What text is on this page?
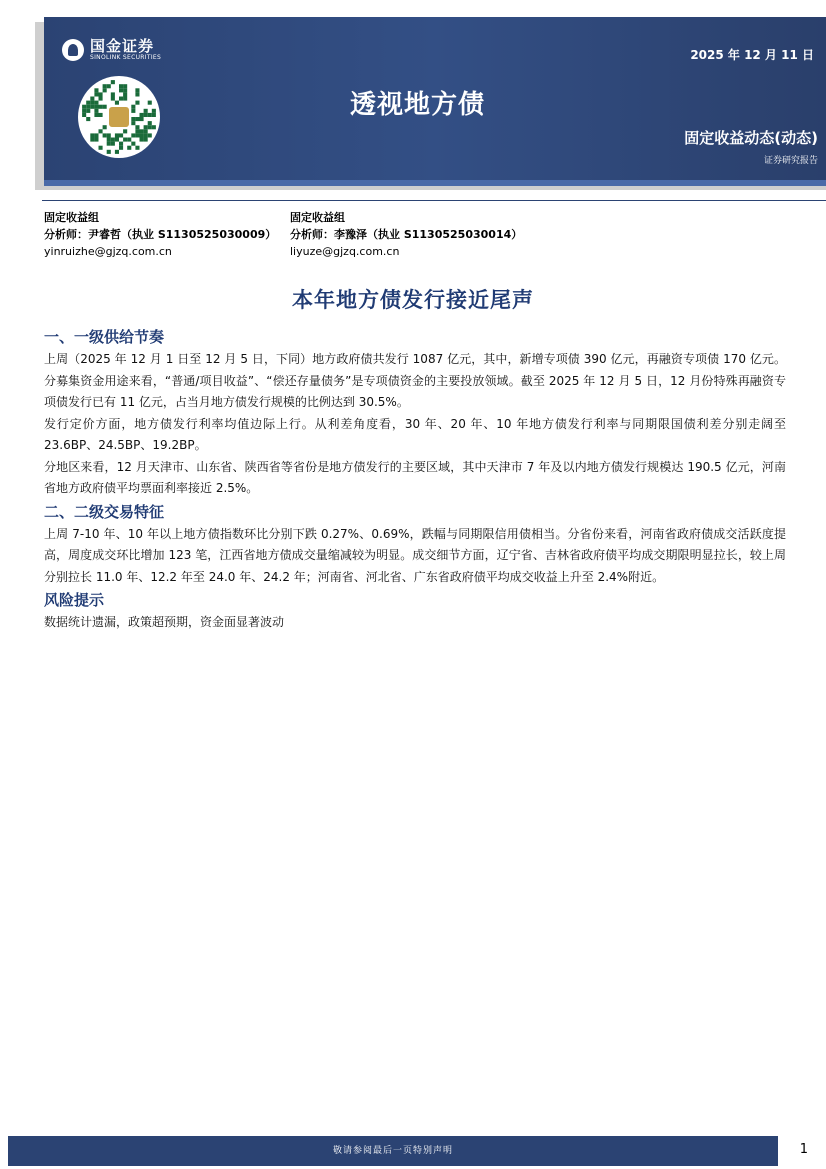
国金证券
SINOLINK SECURITIES	2025 年 12 月 11 日
透视地方债
固定收益动态(动态)
证券研究报告
固定收益组
分析师：尹睿哲（执业 S1130525030009）
yinruizhe@gjzq.com.cn
固定收益组
分析师：李豫泽（执业 S1130525030014）
liyuze@gjzq.com.cn
本年地方债发行接近尾声
一、一级供给节奏
上周（2025 年 12 月 1 日至 12 月 5 日，下同）地方政府债共发行 1087 亿元，其中，新增专项债 390 亿元，再融资专项债 170 亿元。分募集资金用途来看，“普通/项目收益”、“偿还存量债务”是专项债资金的主要投放领域。截至 2025 年 12 月 5 日，12 月份特殊再融资专项债发行已有 11 亿元，占当月地方债发行规模的比例达到 30.5%。
发行定价方面，地方债发行利率均值边际上行。从利差角度看，30 年、20 年、10 年地方债发行利率与同期限国债利差分别走阔至 23.6BP、24.5BP、19.2BP。
分地区来看，12 月天津市、山东省、陕西省等省份是地方债发行的主要区域，其中天津市 7 年及以内地方债发行规模达 190.5 亿元，河南省地方政府债平均票面利率接近 2.5%。
二、二级交易特征
上周 7-10 年、10 年以上地方债指数环比分别下跌 0.27%、0.69%，跌幅与同期限信用债相当。分省份来看，河南省政府债成交活跃度提高，周度成交环比增加 123 笔，江西省地方债成交量缩减较为明显。成交细节方面，辽宁省、吉林省政府债平均成交期限明显拉长，较上周分别拉长 11.0 年、12.2 年至 24.0 年、24.2 年；河南省、河北省、广东省政府债平均成交收益上升至 2.4%附近。
风险提示
数据统计遗漏，政策超预期，资金面显著波动
敬请参阅最后一页特别声明	1
